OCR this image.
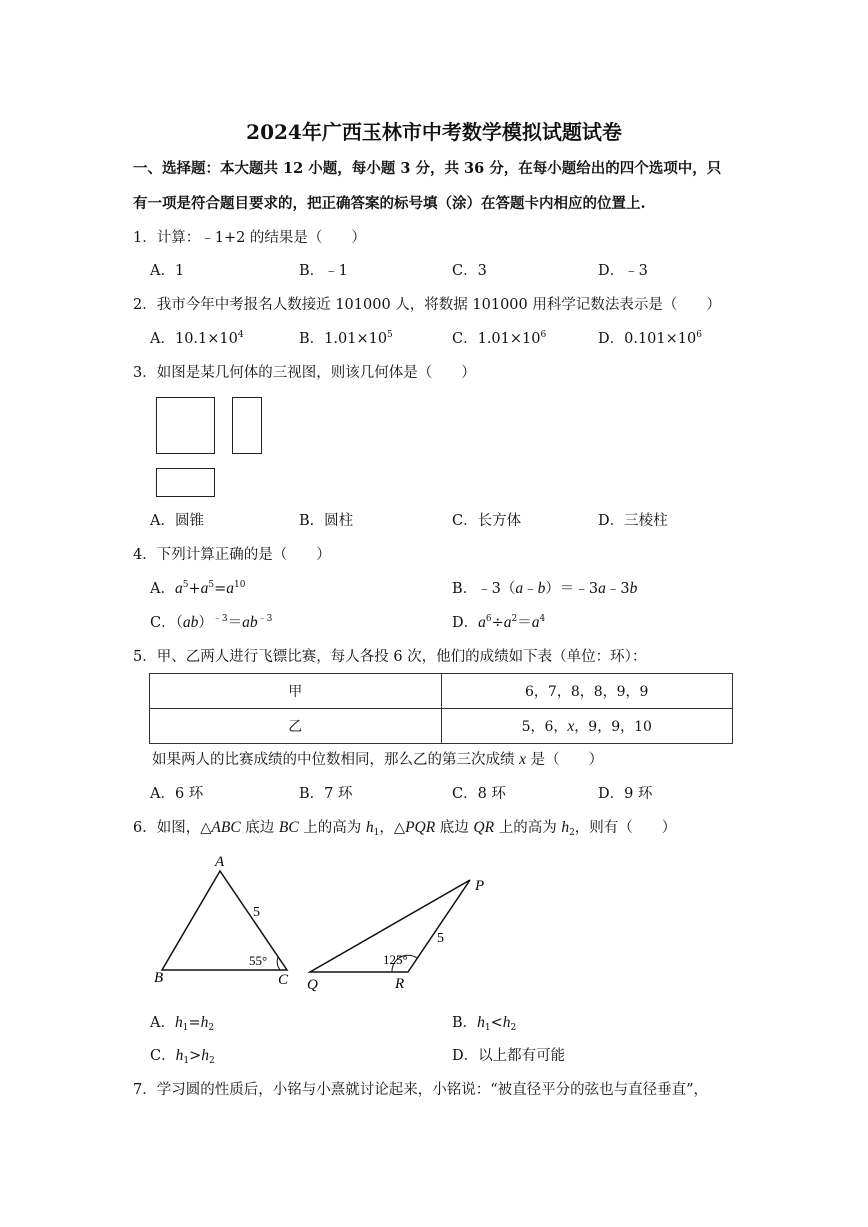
2024年广西玉林市中考数学模拟试题试卷
一、选择题：本大题共 12 小题，每小题 3 分，共 36 分，在每小题给出的四个选项中，只
有一项是符合题目要求的，把正确答案的标号填（涂）在答题卡内相应的位置上.
1．计算：﹣1+2 的结果是（　　）
A．1	B．﹣1	C．3	D．﹣3
2．我市今年中考报名人数接近 101000 人，将数据 101000 用科学记数法表示是（　　）
A．$10.1\times 10^4$	B．$1.01\times 10^5$	C．$1.01\times 10^6$	D．$0.101\times 10^6$
3．如图是某几何体的三视图，则该几何体是（　　）
A．圆锥	B．圆柱	C．长方体	D．三棱柱
4．下列计算正确的是（　　）
A．$a^5+a^5=a^{10}$	B．﹣3（a﹣b）＝﹣3a﹣3b
C．$(ab)^{﹣3}=ab^{﹣3}$	D．$a^6\div a^2=a^4$
5．甲、乙两人进行飞镖比赛，每人各投 6 次，他们的成绩如下表（单位：环）：
甲	6，7，8，8，9，9
乙	5，6，x，9，9，10
如果两人的比赛成绩的中位数相同，那么乙的第三次成绩 x 是（　　）
A．6 环	B．7 环	C．8 环	D．9 环
6．如图，△ABC 底边 BC 上的高为 $h_1$，△PQR 底边 QR 上的高为 $h_2$，则有（　　）
A
B	C
5
55°
P
Q	R
5
125°
A．$h_1=h_2$	B．$h_1<h_2$
C．$h_1>h_2$	D．以上都有可能
7．学习圆的性质后，小铭与小熹就讨论起来，小铭说：“被直径平分的弦也与直径垂直”，
